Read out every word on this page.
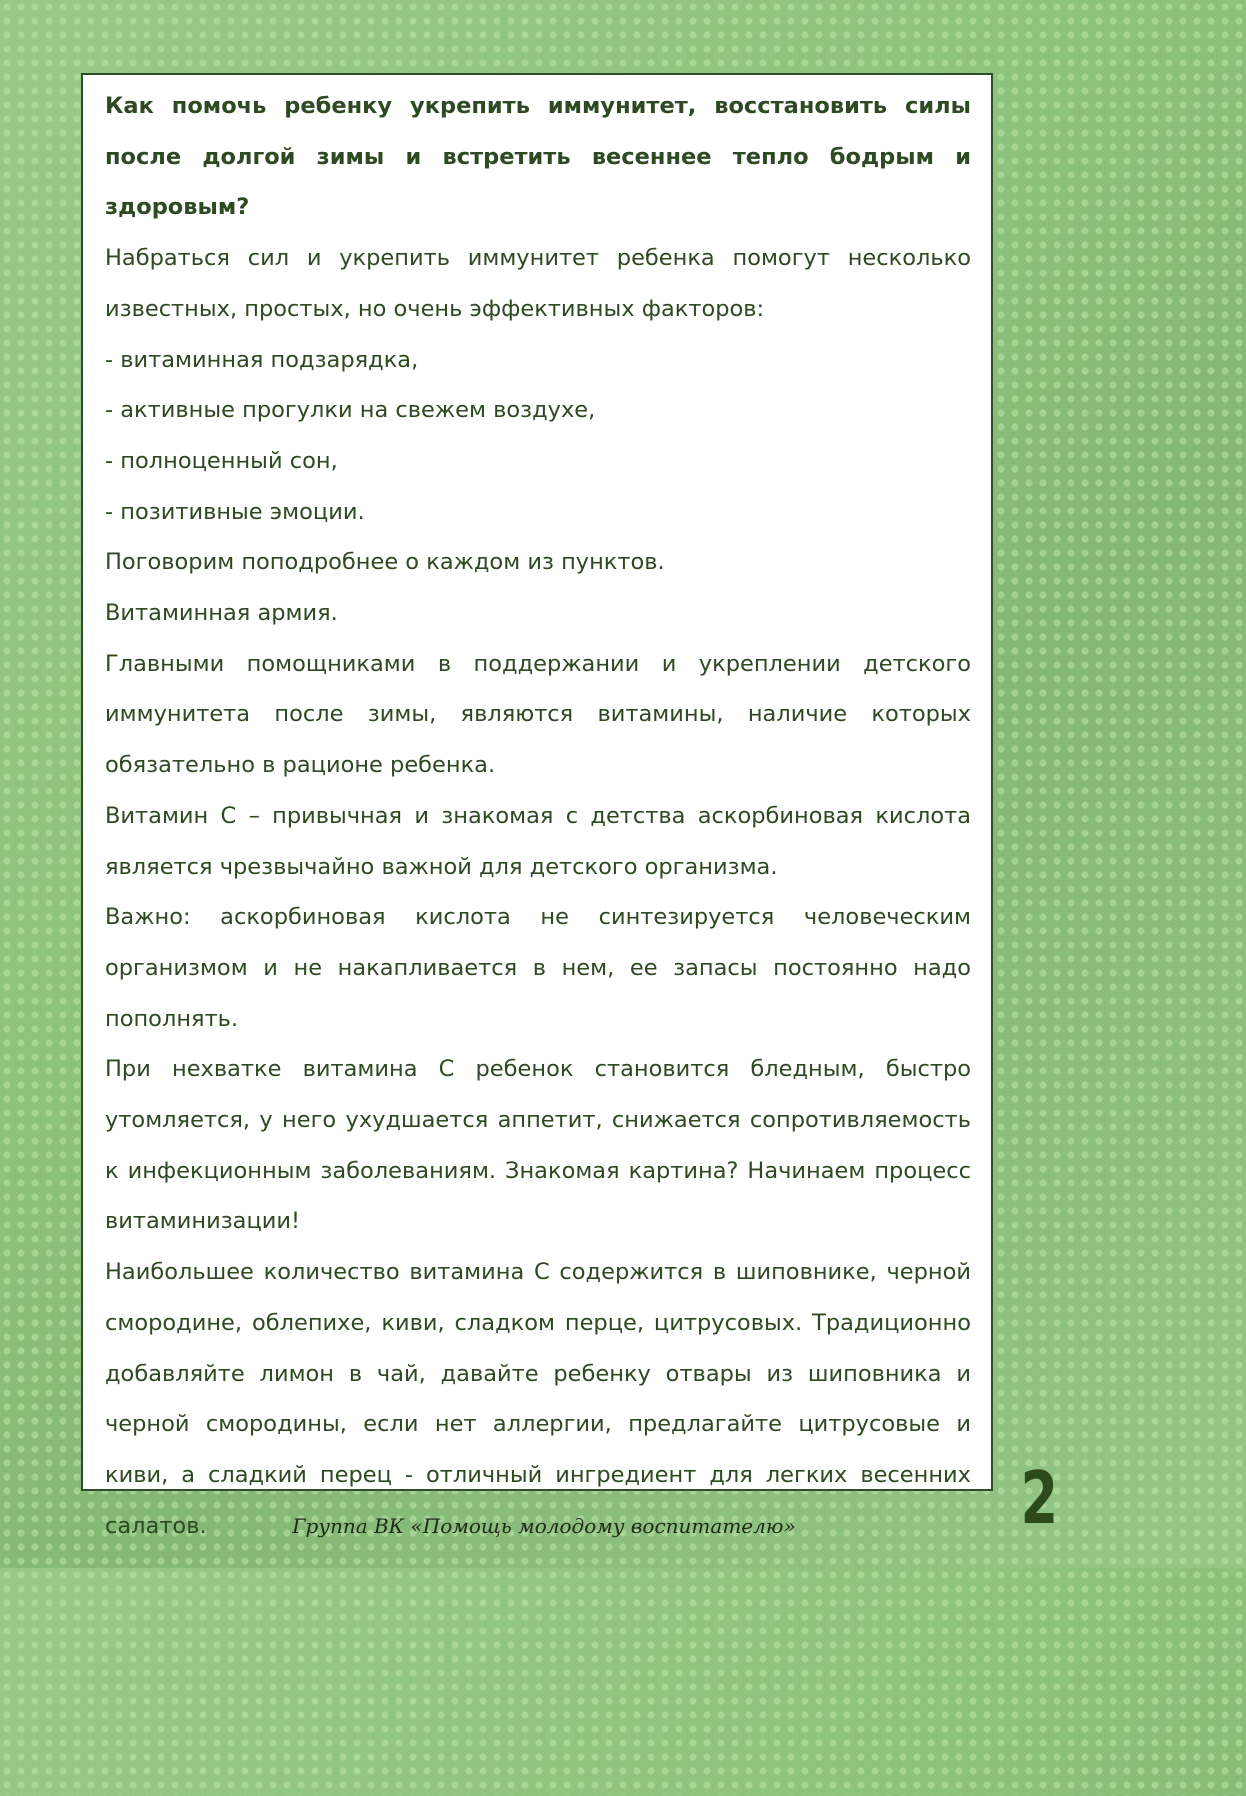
Как помочь ребенку укрепить иммунитет, восстановить силы после долгой зимы и встретить весеннее тепло бодрым и здоровым?

Набраться сил и укрепить иммунитет ребенка помогут несколько известных, простых, но очень эффективных факторов:

- витаминная подзарядка,

- активные прогулки на свежем воздухе,

- полноценный сон,

- позитивные эмоции.

Поговорим поподробнее о каждом из пунктов.

Витаминная армия.

Главными помощниками в поддержании и укреплении детского иммунитета после зимы, являются витамины, наличие которых обязательно в рационе ребенка.

Витамин С – привычная и знакомая с детства аскорбиновая кислота является чрезвычайно важной для детского организма.

Важно: аскорбиновая кислота не синтезируется человеческим организмом и не накапливается в нем, ее запасы постоянно надо пополнять.

При нехватке витамина С ребенок становится бледным, быстро утомляется, у него ухудшается аппетит, снижается сопротивляемость к инфекционным заболеваниям. Знакомая картина? Начинаем процесс витаминизации!

Наибольшее количество витамина С содержится в шиповнике, черной смородине, облепихе, киви, сладком перце, цитрусовых. Традиционно добавляйте лимон в чай, давайте ребенку отвары из шиповника и черной смородины, если нет аллергии, предлагайте цитрусовые и киви, а сладкий перец - отличный ингредиент для легких весенних салатов.	Группа ВК «Помощь молодому воспитателю»	2
